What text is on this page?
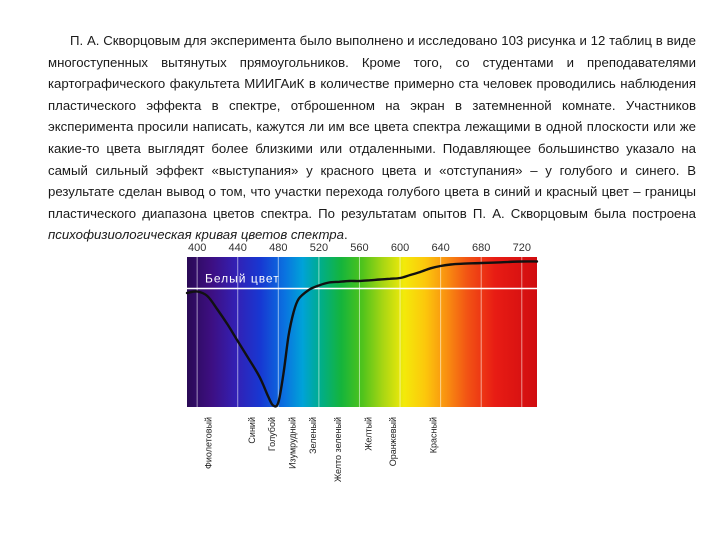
П. А. Скворцовым для эксперимента было выполнено и исследовано 103 рисунка и 12 таблиц в виде многоступенных вытянутых прямоугольников. Кроме того, со студентами и преподавателями картографического факультета МИИГАиК в количестве примерно ста человек проводились наблюдения пластического эффекта в спектре, отброшенном на экран в затемненной комнате. Участников эксперимента просили написать, кажутся ли им все цвета спектра лежащими в одной плоскости или же какие-то цвета выглядят более близкими или отдаленными. Подавляющее большинство указало на самый сильный эффект «выступания» у красного цвета и «отступания» – у голубого и синего. В результате сделан вывод о том, что участки перехода голубого цвета в синий и красный цвет – границы пластического диапазона цветов спектра. По результатам опытов П. А. Скворцовым была построена психофизиологическая кривая цветов спектра.

400 440 480 520 560 600 640 680 720
Белый цвет
Фиолетовый	Синий Голубой Изумрудный Зеленый Желто зеленый Желтый Оранжевый	Красный
